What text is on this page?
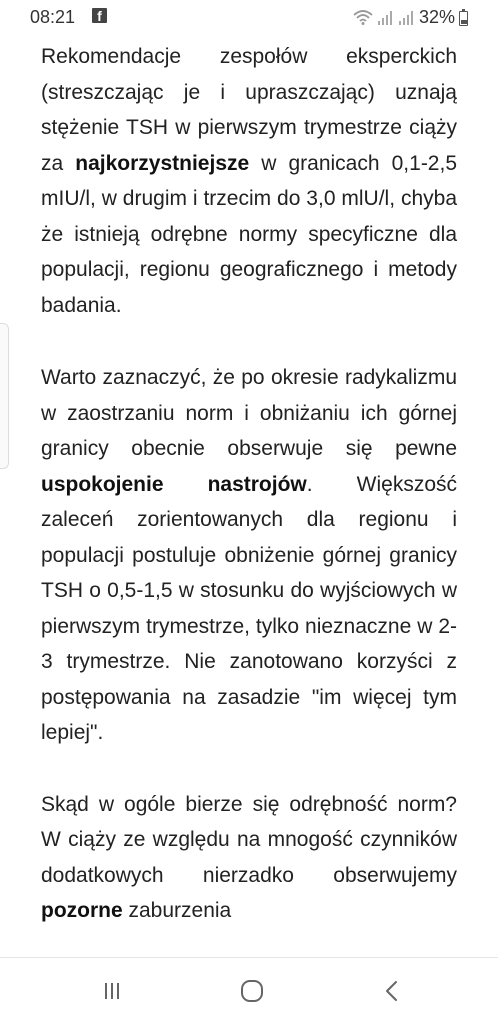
08:21	f	32%

Rekomendacje zespołów eksperckich (streszczając je i upraszczając) uznają stężenie TSH w pierwszym trymestrze ciąży za najkorzystniejsze w granicach 0,1-2,5 mIU/l, w drugim i trzecim do 3,0 mlU/l, chyba że istnieją odrębne normy specyficzne dla populacji, regionu geograficznego i metody badania.

Warto zaznaczyć, że po okresie radykalizmu w zaostrzaniu norm i obniżaniu ich górnej granicy obecnie obserwuje się pewne uspokojenie nastrojów. Większość zaleceń zorientowanych dla regionu i populacji postuluje obniżenie górnej granicy TSH o 0,5-1,5 w stosunku do wyjściowych w pierwszym trymestrze, tylko nieznaczne w 2-3 trymestrze. Nie zanotowano korzyści z postępowania na zasadzie "im więcej tym lepiej".

Skąd w ogóle bierze się odrębność norm? W ciąży ze względu na mnogość czynników dodatkowych nierzadko obserwujemy pozorne zaburzenia
